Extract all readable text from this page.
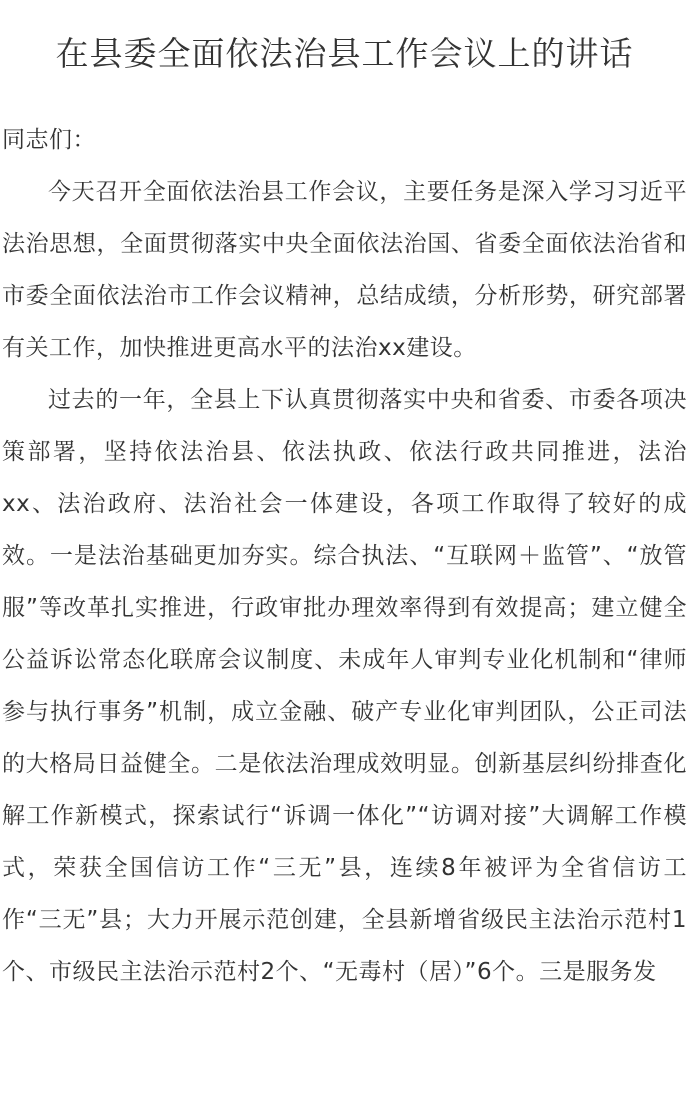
在县委全面依法治县工作会议上的讲话

同志们：

今天召开全面依法治县工作会议，主要任务是深入学习习近平法治思想，全面贯彻落实中央全面依法治国、省委全面依法治省和市委全面依法治市工作会议精神，总结成绩，分析形势，研究部署有关工作，加快推进更高水平的法治xx建设。

过去的一年，全县上下认真贯彻落实中央和省委、市委各项决策部署，坚持依法治县、依法执政、依法行政共同推进，法治xx、法治政府、法治社会一体建设，各项工作取得了较好的成效。一是法治基础更加夯实。综合执法、“互联网＋监管”、“放管服”等改革扎实推进，行政审批办理效率得到有效提高；建立健全公益诉讼常态化联席会议制度、未成年人审判专业化机制和“律师参与执行事务”机制，成立金融、破产专业化审判团队，公正司法的大格局日益健全。二是依法治理成效明显。创新基层纠纷排查化解工作新模式，探索试行“诉调一体化”“访调对接”大调解工作模式，荣获全国信访工作“三无”县，连续8年被评为全省信访工作“三无”县；大力开展示范创建，全县新增省级民主法治示范村1个、市级民主法治示范村2个、“无毒村（居）”6个。三是服务发
